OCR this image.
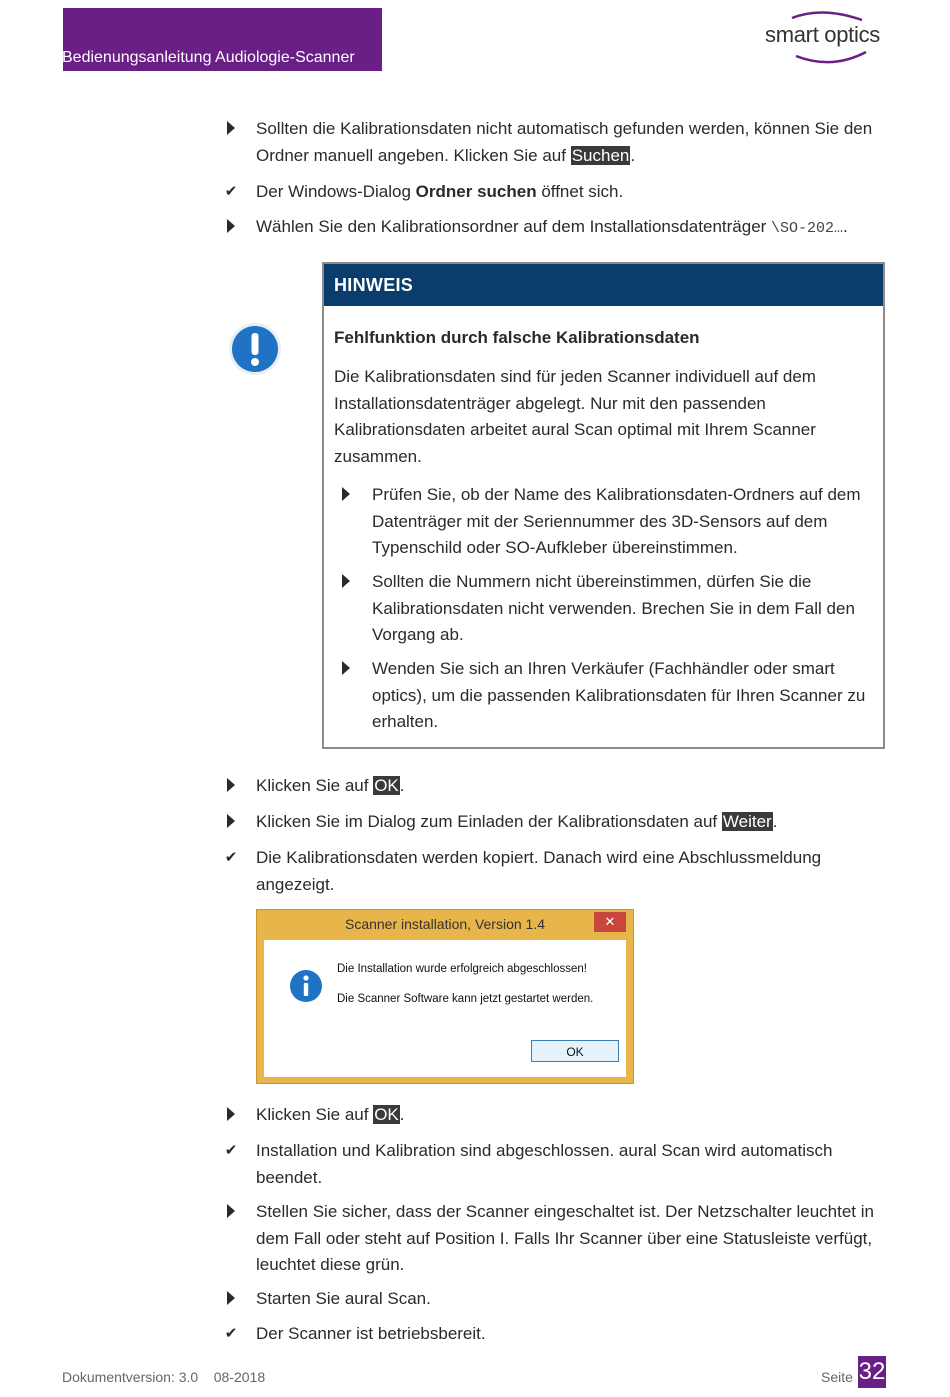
Bedienungsanleitung Audiologie-Scanner
smart optics
Sollten die Kalibrationsdaten nicht automatisch gefunden werden, können Sie den Ordner manuell angeben. Klicken Sie auf Suchen.
✔ Der Windows-Dialog Ordner suchen öffnet sich.
Wählen Sie den Kalibrationsordner auf dem Installationsdatenträger \SO-202….
HINWEIS
Fehlfunktion durch falsche Kalibrationsdaten
Die Kalibrationsdaten sind für jeden Scanner individuell auf dem Installationsdatenträger abgelegt. Nur mit den passenden Kalibrationsdaten arbeitet aural Scan optimal mit Ihrem Scanner zusammen.
Prüfen Sie, ob der Name des Kalibrationsdaten-Ordners auf dem Datenträger mit der Seriennummer des 3D-Sensors auf dem Typenschild oder SO-Aufkleber übereinstimmen.
Sollten die Nummern nicht übereinstimmen, dürfen Sie die Kalibrationsdaten nicht verwenden. Brechen Sie in dem Fall den Vorgang ab.
Wenden Sie sich an Ihren Verkäufer (Fachhändler oder smart optics), um die passenden Kalibrationsdaten für Ihren Scanner zu erhalten.
Klicken Sie auf OK.
Klicken Sie im Dialog zum Einladen der Kalibrationsdaten auf Weiter.
✔ Die Kalibrationsdaten werden kopiert. Danach wird eine Abschlussmeldung angezeigt.
Scanner installation, Version 1.4	✕
Die Installation wurde erfolgreich abgeschlossen!
Die Scanner Software kann jetzt gestartet werden.
OK
Klicken Sie auf OK.
✔ Installation und Kalibration sind abgeschlossen. aural Scan wird automatisch beendet.
Stellen Sie sicher, dass der Scanner eingeschaltet ist. Der Netzschalter leuchtet in dem Fall oder steht auf Position I. Falls Ihr Scanner über eine Statusleiste verfügt, leuchtet diese grün.
Starten Sie aural Scan.
✔ Der Scanner ist betriebsbereit.
Dokumentversion: 3.0    08-2018	Seite 32
